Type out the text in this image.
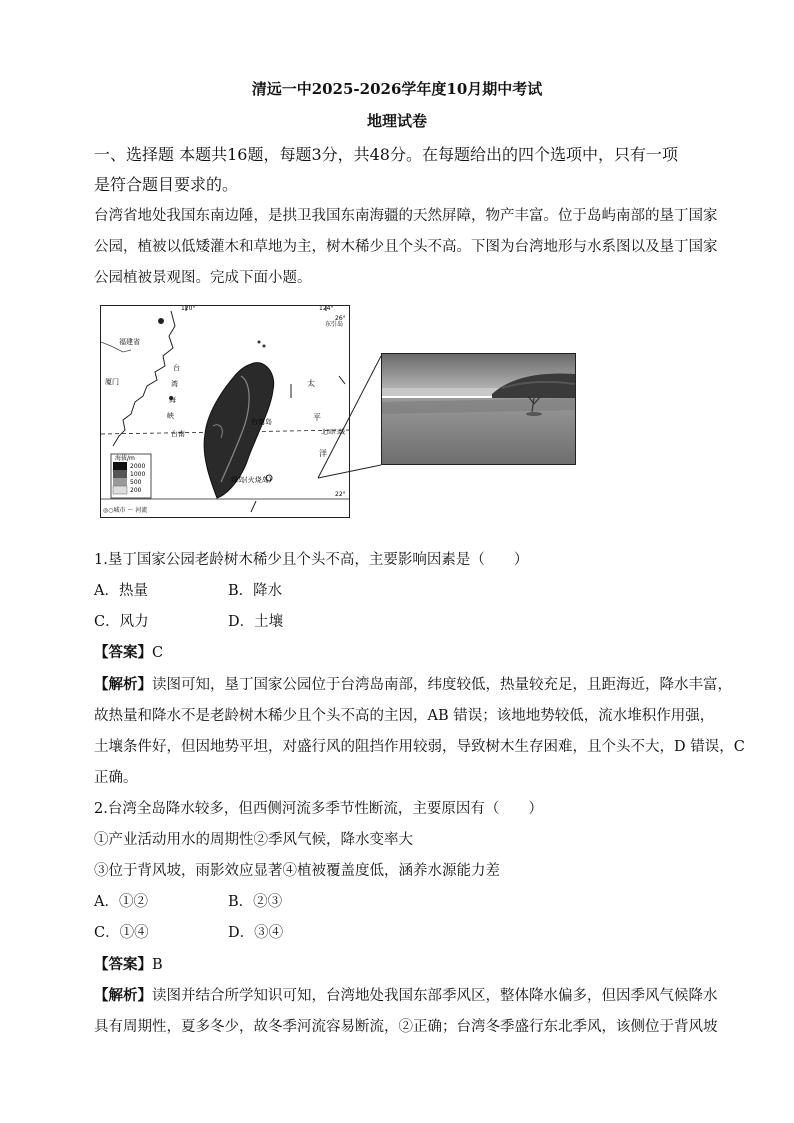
清远一中2025-2026学年度10月期中考试
地理试卷
一、选择题 本题共16题，每题3分，共48分。在每题给出的四个选项中，只有一项
是符合题目要求的。
台湾省地处我国东南边陲，是拱卫我国东南海疆的天然屏障，物产丰富。位于岛屿南部的垦丁国家
公园，植被以低矮灌木和草地为主，树木稀少且个头不高。下图为台湾地形与水系图以及垦丁国家
公园植被景观图。完成下面小题。
120°	124°
26°
22°
福建省
厦门
台
湾
海
峡
台南
台湾岛
太
平
洋
北回归线
绿岛(火烧岛)
东引岛
海拔/m
2000
1000
500
200
◎○城市 〜 河流
1.垦丁国家公园老龄树木稀少且个头不高，主要影响因素是（　　）
A．热量	B．降水
C．风力	D．土壤
【答案】C
【解析】读图可知，垦丁国家公园位于台湾岛南部，纬度较低，热量较充足，且距海近，降水丰富，
故热量和降水不是老龄树木稀少且个头不高的主因，AB 错误；该地地势较低，流水堆积作用强，
土壤条件好，但因地势平坦，对盛行风的阻挡作用较弱，导致树木生存困难，且个头不大，D 错误，C
正确。
2.台湾全岛降水较多，但西侧河流多季节性断流，主要原因有（　　）
①产业活动用水的周期性②季风气候，降水变率大
③位于背风坡，雨影效应显著④植被覆盖度低，涵养水源能力差
A．①②	B．②③
C．①④	D．③④
【答案】B
【解析】读图并结合所学知识可知，台湾地处我国东部季风区，整体降水偏多，但因季风气候降水
具有周期性，夏多冬少，故冬季河流容易断流，②正确；台湾冬季盛行东北季风，该侧位于背风坡
